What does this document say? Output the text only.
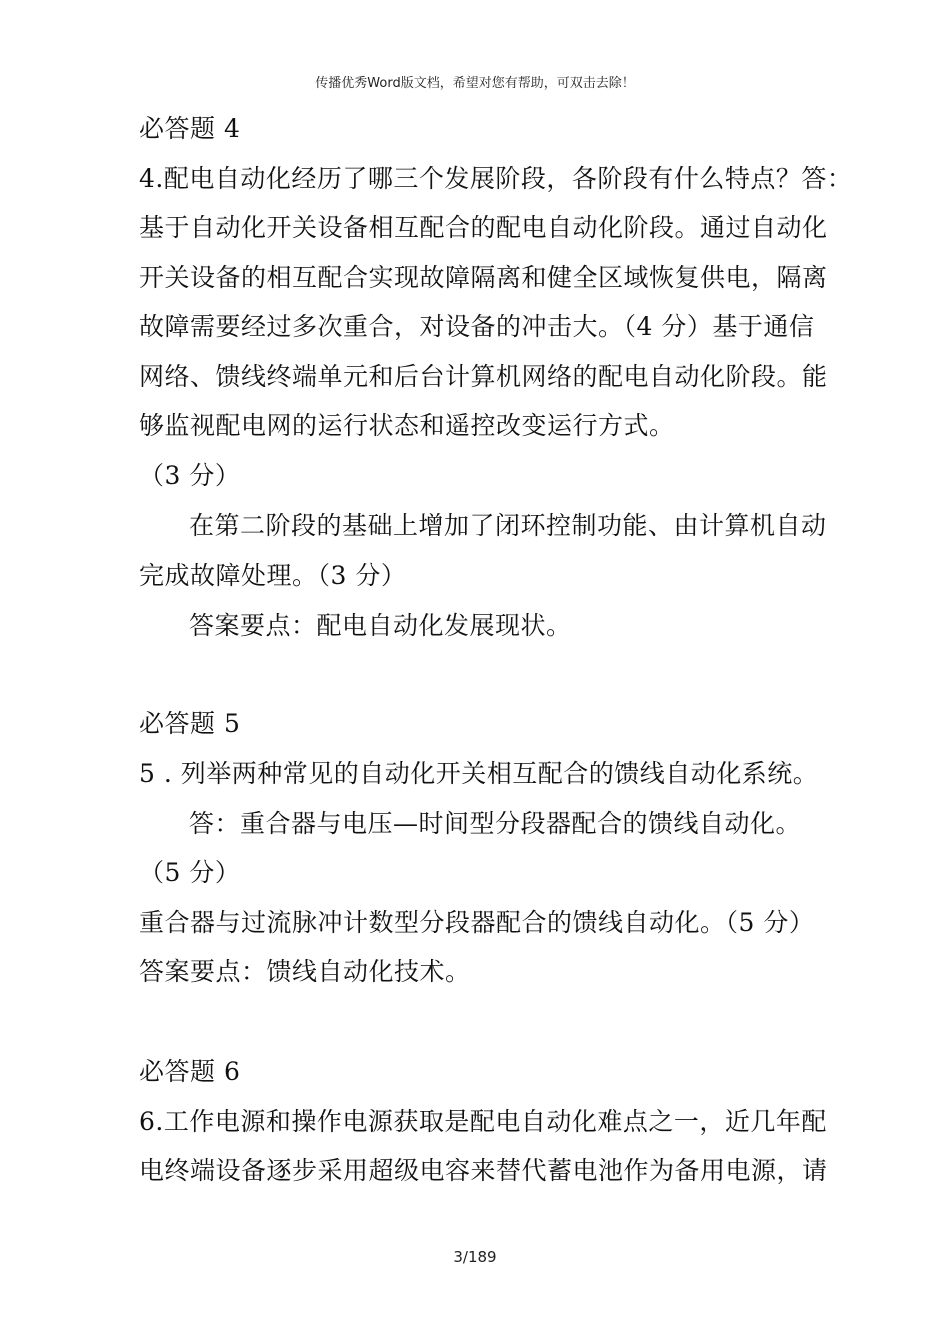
传播优秀Word版文档，希望对您有帮助，可双击去除！
必答题 4
4.配电自动化经历了哪三个发展阶段，各阶段有什么特点？答：
基于自动化开关设备相互配合的配电自动化阶段。通过自动化
开关设备的相互配合实现故障隔离和健全区域恢复供电，隔离
故障需要经过多次重合，对设备的冲击大。（4 分）基于通信
网络、馈线终端单元和后台计算机网络的配电自动化阶段。能
够监视配电网的运行状态和遥控改变运行方式。
（3 分）
在第二阶段的基础上增加了闭环控制功能、由计算机自动
完成故障处理。（3 分）
答案要点：配电自动化发展现状。
必答题 5
5 . 列举两种常见的自动化开关相互配合的馈线自动化系统。
答：重合器与电压—时间型分段器配合的馈线自动化。
（5 分）
重合器与过流脉冲计数型分段器配合的馈线自动化。（5 分）
答案要点：馈线自动化技术。
必答题 6
6.工作电源和操作电源获取是配电自动化难点之一，近几年配
电终端设备逐步采用超级电容来替代蓄电池作为备用电源，请
3/189
